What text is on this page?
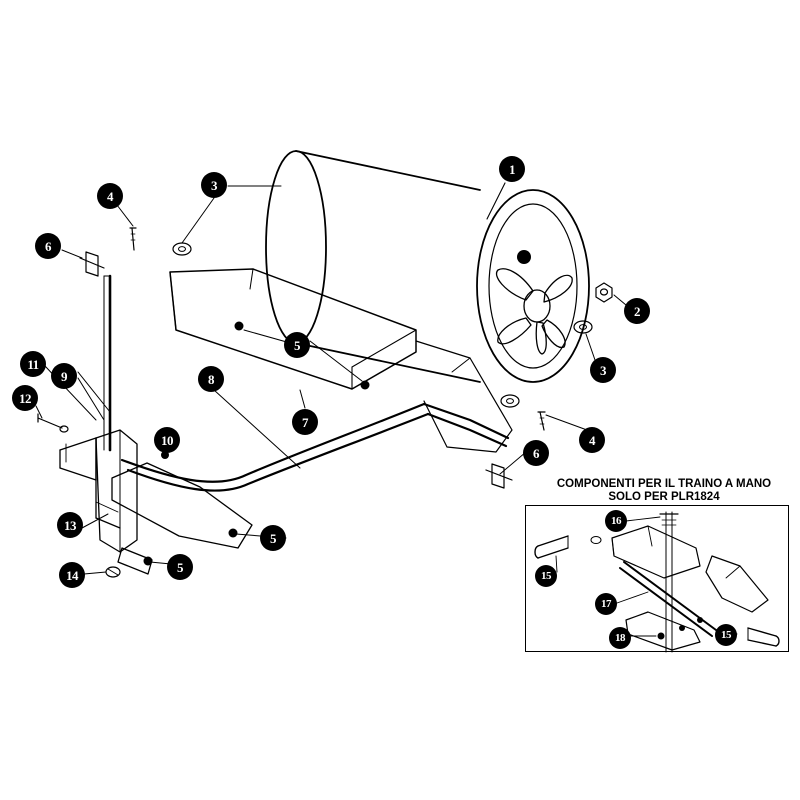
1
2
3
3
4
4
5
5
5
6
6
7
8
9
10
11
12
13
14
COMPONENTI PER IL TRAINO A MANO
SOLO PER PLR1824
15
15
16
17
18
